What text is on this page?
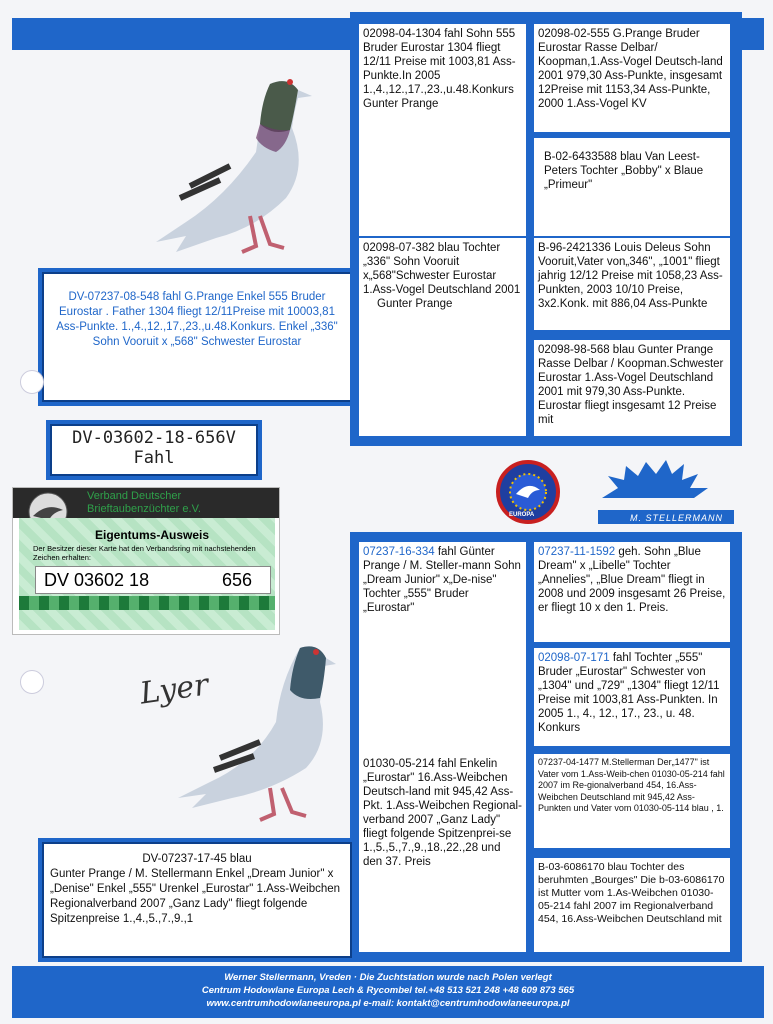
DV-07237-08-548 fahl G.Prange Enkel 555 Bruder Eurostar . Father 1304 fliegt 12/11Preise mit 10003,81 Ass-Punkte. 1.,4.,12.,17.,23.,u.48.Konkurs. Enkel „336" Sohn Vooruit x „568" Schwester Eurostar
DV-03602-18-656V
Fahl
Verband Deutscher
Brieftaubenzüchter e.V.
Eigentums-Ausweis
Der Besitzer dieser Karte hat den Verbandsring mit nachstehenden Zeichen erhalten:
DV 03602 18	656
02098-04-1304 fahl Sohn 555 Bruder Eurostar 1304 fliegt 12/11 Preise mit 1003,81 Ass-Punkte.In 2005 1.,4.,12.,17.,23.,u.48.Konkurs Gunter Prange
02098-02-555 G.Prange Bruder Eurostar Rasse Delbar/ Koopman,1.Ass-Vogel Deutsch-land 2001 979,30 Ass-Punkte, insgesamt 12Preise mit 1153,34 Ass-Punkte, 2000 1.Ass-Vogel KV
B-02-6433588 blau Van Leest-Peters Tochter „Bobby" x Blaue „Primeur"
02098-07-382 blau Tochter „336" Sohn Vooruit x„568"Schwester Eurostar 1.Ass-Vogel Deutschland 2001
Gunter Prange
B-96-2421336 Louis Deleus Sohn Vooruit,Vater von„346", „1001" fliegt jahrig 12/12 Preise mit 1058,23 Ass-Punkten, 2003 10/10 Preise, 3x2.Konk. mit 886,04 Ass-Punkte
02098-98-568 blau Gunter Prange Rasse Delbar / Koopman.Schwester Eurostar 1.Ass-Vogel Deutschland 2001 mit 979,30 Ass-Punkte. Eurostar fliegt insgesamt 12 Preise mit
EUROPA	M. STELLERMANN
Lyer
07237-16-334 fahl Günter Prange / M. Steller-mann Sohn „Dream Junior" x„De-nise" Tochter „555" Bruder „Eurostar"
07237-11-1592 geh. Sohn „Blue Dream" x „Libelle" Tochter „Annelies", „Blue Dream" fliegt in 2008 und 2009 insgesamt 26 Preise, er fliegt 10 x den 1. Preis.
02098-07-171 fahl Tochter „555" Bruder „Eurostar" Schwester von „1304" und „729" „1304" fliegt 12/11 Preise mit 1003,81 Ass-Punkten. In 2005 1., 4., 12., 17., 23., u. 48. Konkurs
01030-05-214 fahl Enkelin „Eurostar" 16.Ass-Weibchen Deutsch-land mit 945,42 Ass-Pkt. 1.Ass-Weibchen Regional-verband 2007 „Ganz Lady" fliegt folgende Spitzenprei-se 1.,5.,5.,7.,9.,18.,22.,28 und den 37. Preis
07237-04-1477 M.Stellerman Der„1477" ist Vater vom 1.Ass-Weib-chen 01030-05-214 fahl 2007 im Re-gionalverband 454, 16.Ass-Weibchen Deutschland mit 945,42 Ass-Punkten und Vater vom 01030-05-114 blau , 1.
B-03-6086170 blau Tochter des beruhmten „Bourges" Die b-03-6086170 ist Mutter vom 1.As-Weibchen 01030-05-214 fahl 2007 im Regionalverband 454, 16.Ass-Weibchen Deutschland mit
DV-07237-17-45 blau
Gunter Prange / M. Stellermann Enkel „Dream Junior" x „Denise" Enkel „555" Urenkel „Eurostar" 1.Ass-Weibchen Regionalverband 2007 „Ganz Lady" fliegt folgende Spitzenpreise 1.,4.,5.,7.,9.,1
Werner Stellermann, Vreden · Die Zuchtstation wurde nach Polen verlegt
Centrum Hodowlane Europa Lech & Rycombel tel.+48 513 521 248 +48 609 873 565
www.centrumhodowlaneeuropa.pl e-mail: kontakt@centrumhodowlaneeuropa.pl
